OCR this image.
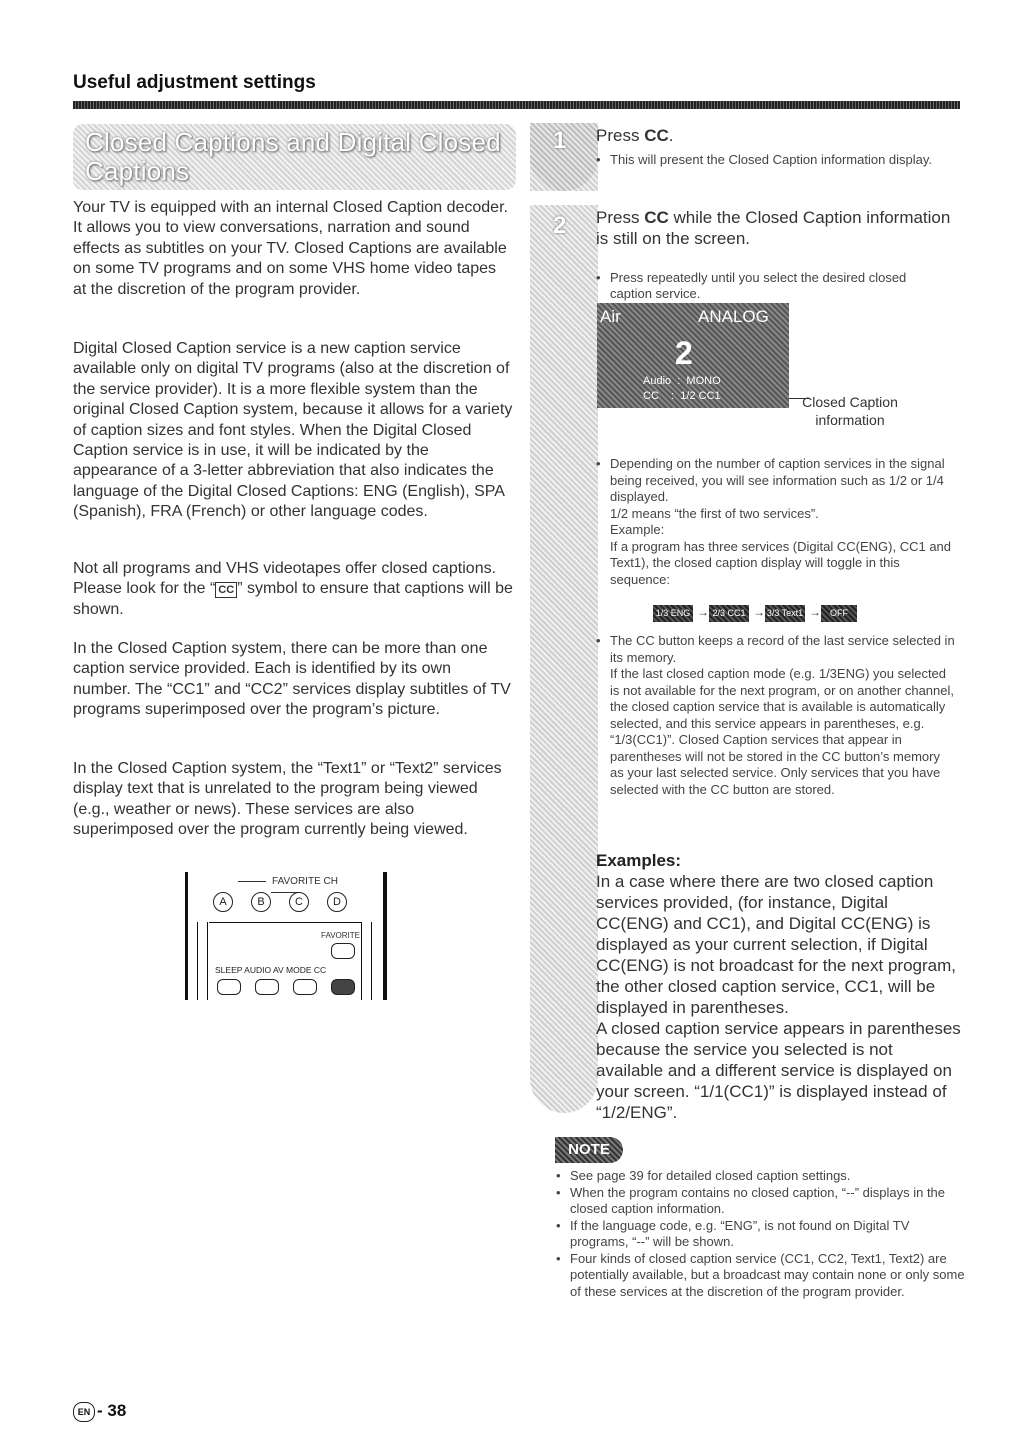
Useful adjustment settings
Closed Captions and Digital Closed Captions

Your TV is equipped with an internal Closed Caption decoder. It allows you to view conversations, narration and sound effects as subtitles on your TV. Closed Captions are available on some TV programs and on some VHS home video tapes at the discretion of the program provider.

Digital Closed Caption service is a new caption service available only on digital TV programs (also at the discretion of the service provider). It is a more flexible system than the original Closed Caption system, because it allows for a variety of caption sizes and font styles. When the Digital Closed Caption service is in use, it will be indicated by the appearance of a 3-letter abbreviation that also indicates the language of the Digital Closed Captions: ENG (English), SPA (Spanish), FRA (French) or other language codes.

Not all programs and VHS videotapes offer closed captions. Please look for the “ CC ” symbol to ensure that captions will be shown.

In the Closed Caption system, there can be more than one caption service provided. Each is identified by its own number. The “CC1” and “CC2” services display subtitles of TV programs superimposed over the program’s picture.

In the Closed Caption system, the “Text1” or “Text2” services display text that is unrelated to the program being viewed (e.g., weather or news). These services are also superimposed over the program currently being viewed.

FAVORITE CH
A	B	C	D
FAVORITE
SLEEP AUDIO AV MODE CC
1
2
Press CC.
• This will present the Closed Caption information display.
Press CC while the Closed Caption information is still on the screen.
• Press repeatedly until you select the desired closed caption service.
Air	ANALOG
2
Audio  :  MONO
CC    :  1/2 CC1	Closed Caption information
• Depending on the number of caption services in the signal being received, you will see information such as 1/2 or 1/4 displayed.
1/2 means “the first of two services”.
Example:
If a program has three services (Digital CC(ENG), CC1 and Text1), the closed caption display will toggle in this sequence:
1/3 ENG → 2/3 CC1 → 3/3 Text1 →	OFF
• The CC button keeps a record of the last service selected in its memory.
If the last closed caption mode (e.g. 1/3ENG) you selected is not available for the next program, or on another channel, the closed caption service that is available is automatically selected, and this service appears in parentheses, e.g. “1/3(CC1)”. Closed Caption services that appear in parentheses will not be stored in the CC button’s memory as your last selected service. Only services that you have selected with the CC button are stored.
Examples:
In a case where there are two closed caption services provided, (for instance, Digital CC(ENG) and CC1), and Digital CC(ENG) is displayed as your current selection, if Digital CC(ENG) is not broadcast for the next program, the other closed caption service, CC1, will be displayed in parentheses.
A closed caption service appears in parentheses because the service you selected is not available and a different service is displayed on your screen. “1/1(CC1)” is displayed instead of “1/2/ENG”.
NOTE
• See page 39 for detailed closed caption settings.
• When the program contains no closed caption, “--” displays in the closed caption information.
• If the language code, e.g. “ENG”, is not found on Digital TV programs, “--” will be shown.
• Four kinds of closed caption service (CC1, CC2, Text1, Text2) are potentially available, but a broadcast may contain none or only some of these services at the discretion of the program provider.
EN - 38
